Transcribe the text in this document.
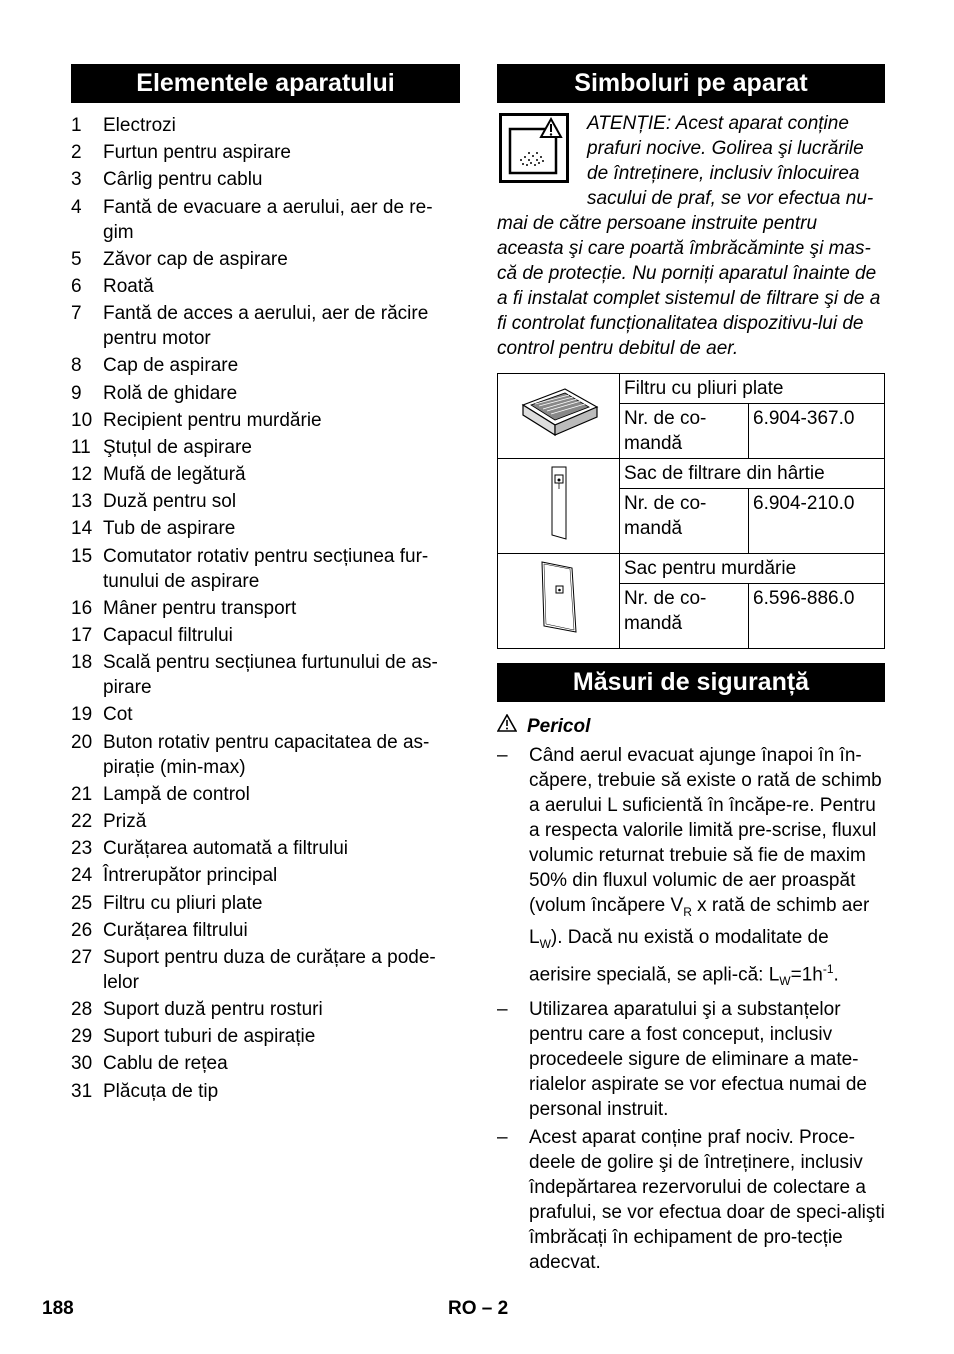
Elementele aparatului
1	Electrozi
2	Furtun pentru aspirare
3	Cârlig pentru cablu
4	Fantă de evacuare a aerului, aer de re-gim
5	Zăvor cap de aspirare
6	Roată
7	Fantă de acces a aerului, aer de răcire pentru motor
8	Cap de aspirare
9	Rolă de ghidare
10 Recipient pentru murdărie
11 Ştuțul de aspirare
12 Mufă de legătură
13 Duză pentru sol
14 Tub de aspirare
15 Comutator rotativ pentru secțiunea fur-tunului de aspirare
16 Mâner pentru transport
17 Capacul filtrului
18 Scală pentru secțiunea furtunului de as-pirare
19 Cot
20 Buton rotativ pentru capacitatea de as-pirație (min-max)
21 Lampă de control
22 Priză
23 Curățarea automată a filtrului
24 Întrerupător principal
25 Filtru cu pliuri plate
26 Curățarea filtrului
27 Suport pentru duza de curățare a pode-lelor
28 Suport duză pentru rosturi
29 Suport tuburi de aspirație
30 Cablu de rețea
31 Plăcuța de tip
Simboluri pe aparat
ATENȚIE: Acest aparat conține prafuri nocive. Golirea şi lucrările de întreținere, inclusiv înlocuirea sacului de praf, se vor efectua nu-mai de către persoane instruite pentru aceasta şi care poartă îmbrăcăminte şi mas-că de protecție. Nu porniți aparatul înainte de a fi instalat complet sistemul de filtrare şi de a fi controlat funcționalitatea dispozitivu-lui de control pentru debitul de aer.
	Filtru cu pliuri plate	
	Nr. de co-mandă	6.904-367.0
	Sac de filtrare din hârtie	
	Nr. de co-mandă	6.904-210.0
	Sac pentru murdărie	
	Nr. de co-mandă	6.596-886.0
Măsuri de siguranță
Pericol
–	Când aerul evacuat ajunge înapoi în în-căpere, trebuie să existe o rată de schimb a aerului L suficientă în încăpe-re. Pentru a respecta valorile limită pre-scrise, fluxul volumic returnat trebuie să fie de maxim 50% din fluxul volumic de aer proaspăt (volum încăpere $V_R$ x rată de schimb aer $L_W$). Dacă nu există o modalitate de aerisire specială, se apli-că: $L_W=1h^{-1}$.
–	Utilizarea aparatului şi a substanțelor pentru care a fost conceput, inclusiv procedeele sigure de eliminare a mate-rialelor aspirate se vor efectua numai de personal instruit.
–	Acest aparat conține praf nociv. Proce-deele de golire şi de întreținere, inclusiv îndepărtarea rezervorului de colectare a prafului, se vor efectua doar de speci-alişti îmbrăcați în echipament de pro-tecție adecvat.
188	RO – 2
